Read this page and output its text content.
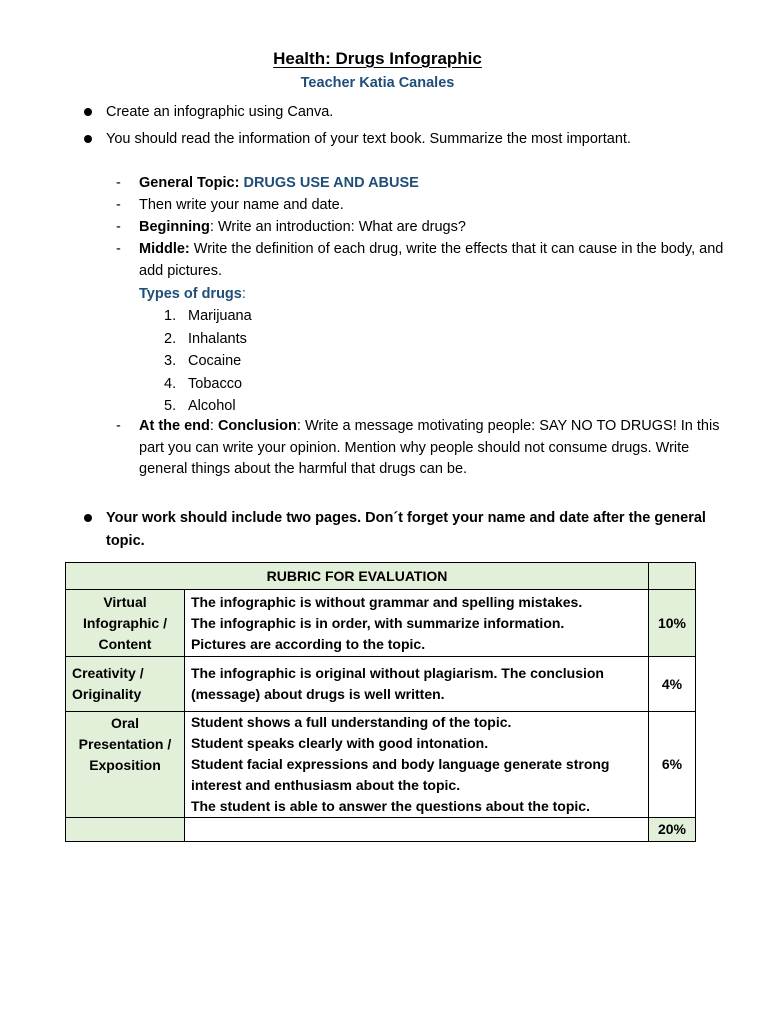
Health: Drugs Infographic
Teacher Katia Canales
Create an infographic using Canva.
You should read the information of your text book. Summarize the most important.
- General Topic: DRUGS USE AND ABUSE
- Then write your name and date.
- Beginning: Write an introduction: What are drugs?
- Middle: Write the definition of each drug, write the effects that it can cause in the body, and add pictures.
Types of drugs:
1. Marijuana
2. Inhalants
3. Cocaine
4. Tobacco
5. Alcohol
- At the end: Conclusion: Write a message motivating people: SAY NO TO DRUGS! In this part you can write your opinion. Mention why people should not consume drugs. Write general things about the harmful that drugs can be.
Your work should include two pages. Don´t forget your name and date after the general topic.
RUBRIC FOR EVALUATION		
Virtual Infographic / Content	The infographic is without grammar and spelling mistakes.
The infographic is in order, with summarize information.
Pictures are according to the topic.	10%
Creativity / Originality	The infographic is original without plagiarism. The conclusion (message) about drugs is well written.	4%
Oral Presentation / Exposition	Student shows a full understanding of the topic.
Student speaks clearly with good intonation.
Student facial expressions and body language generate strong interest and enthusiasm about the topic.
The student is able to answer the questions about the topic.	6%
		20%
